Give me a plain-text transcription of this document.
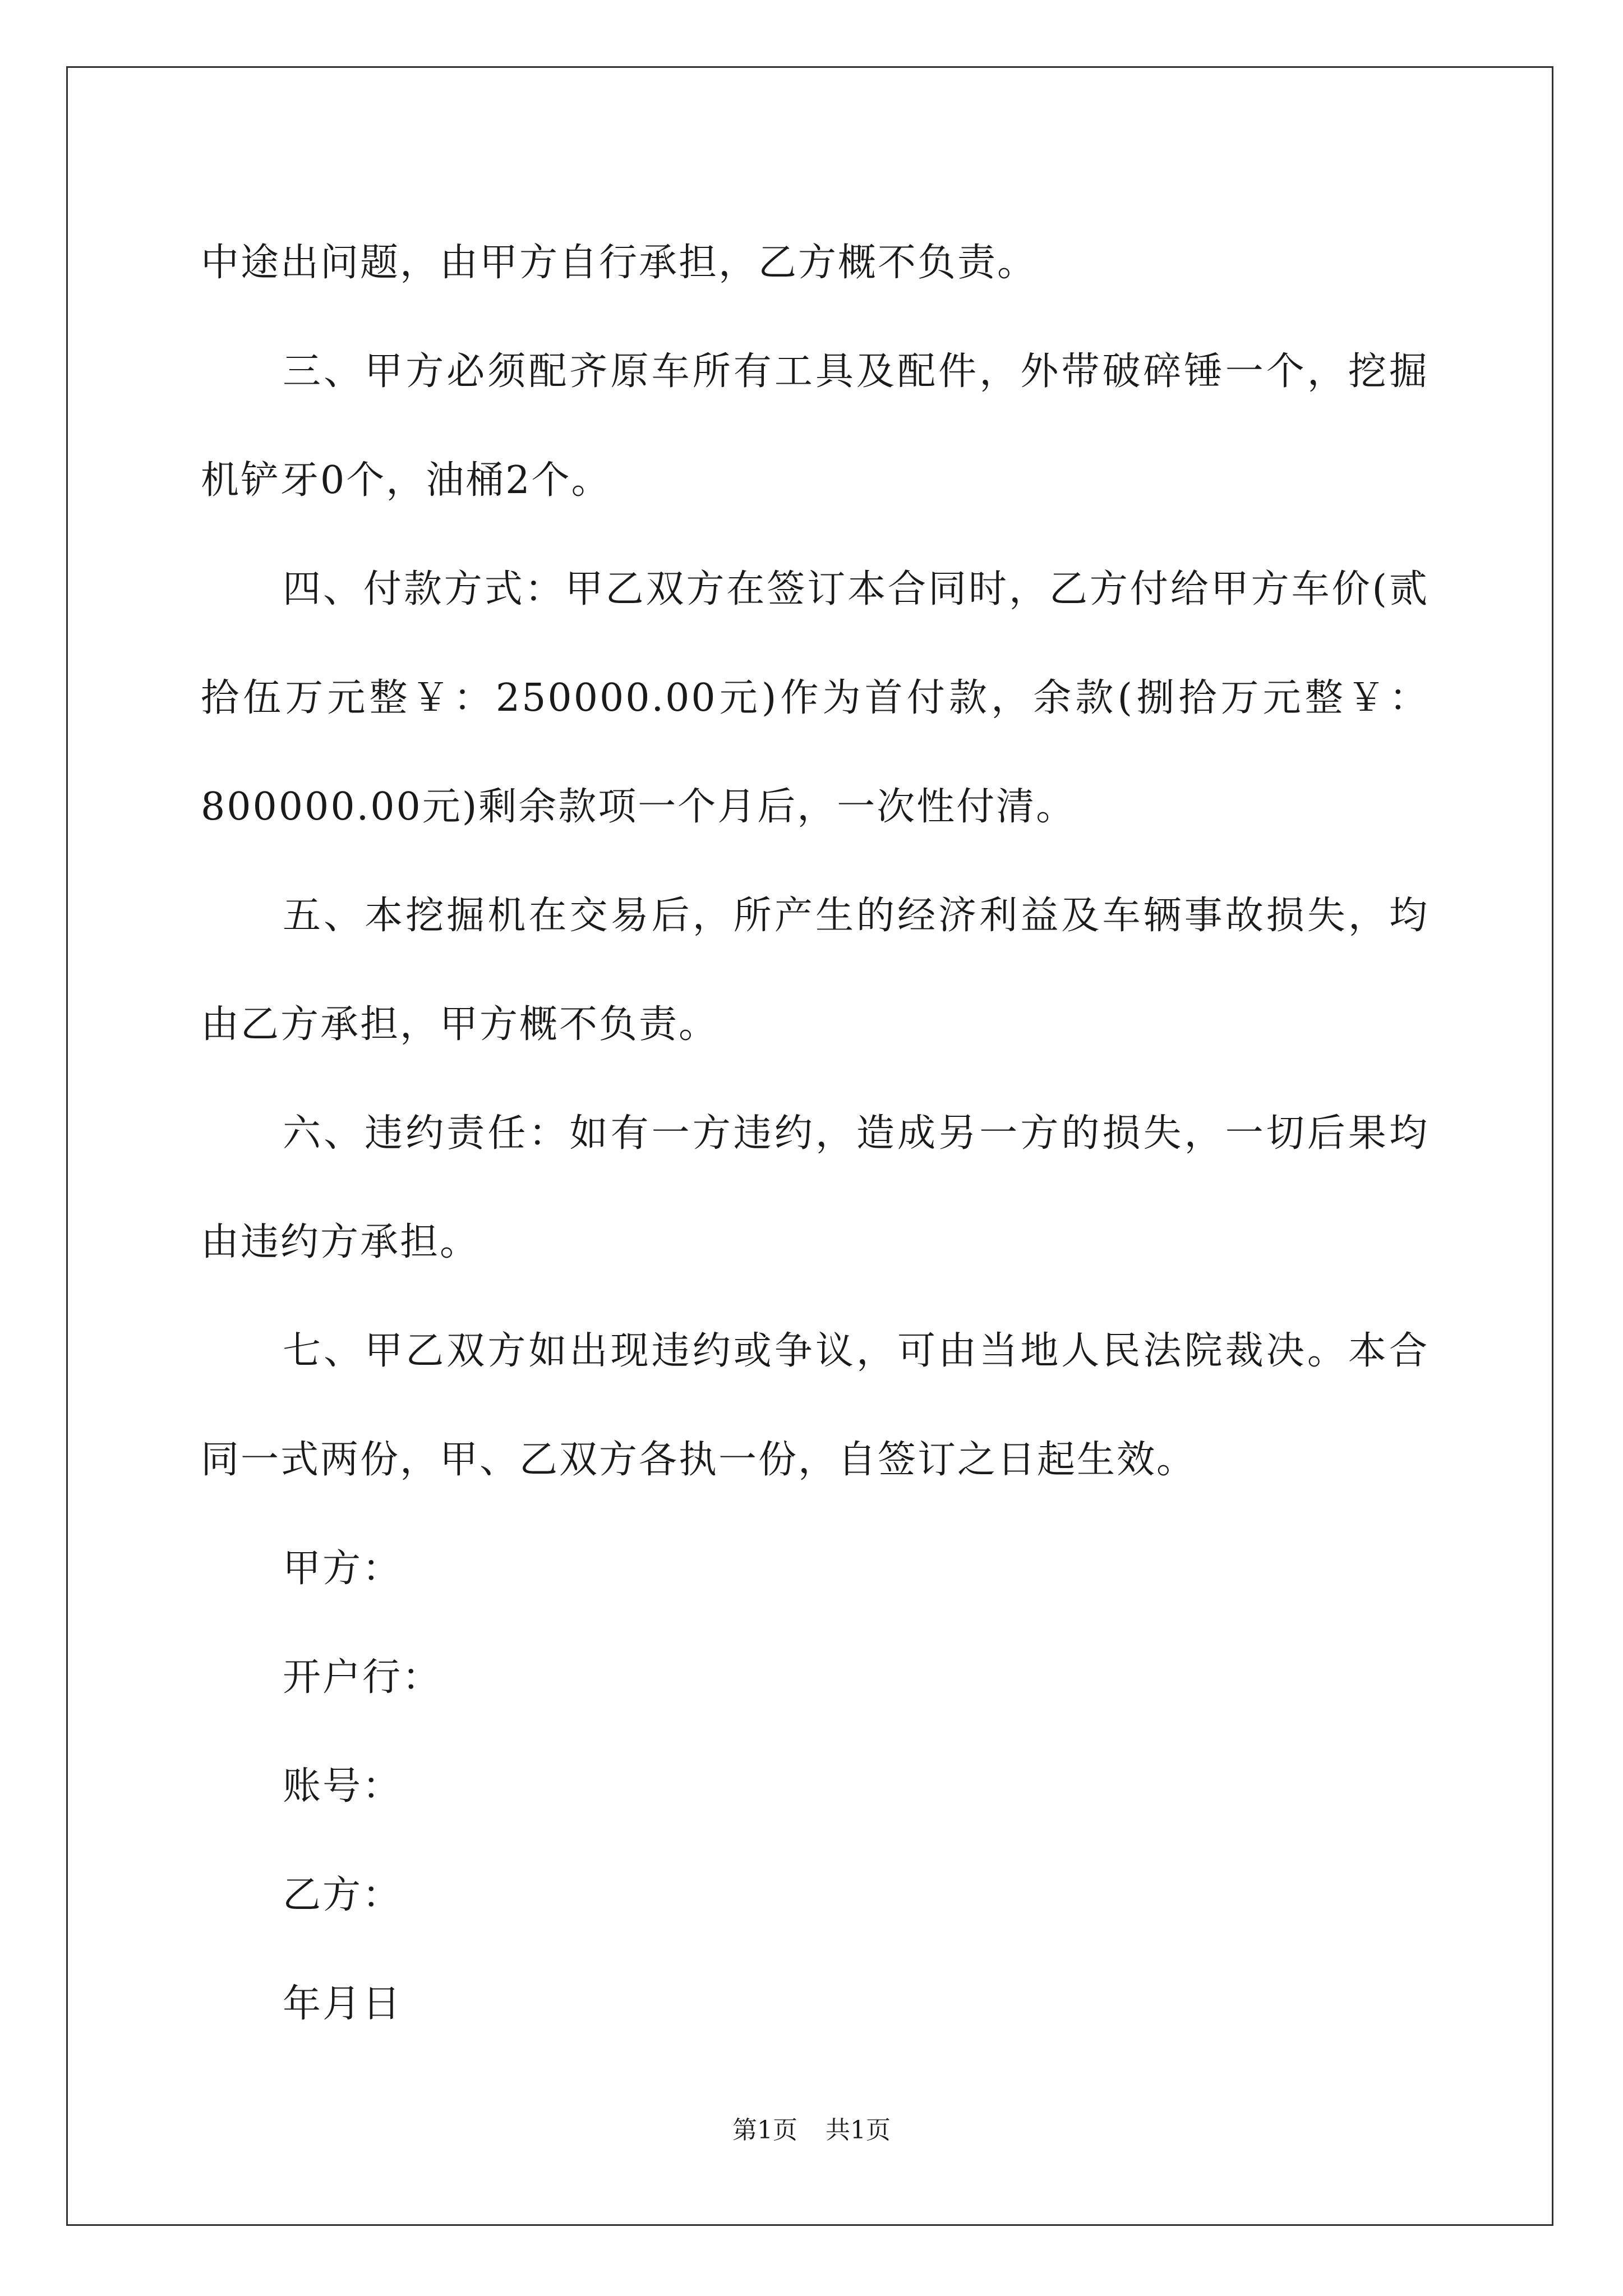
中途出问题，由甲方自行承担，乙方概不负责。

三、甲方必须配齐原车所有工具及配件，外带破碎锤一个，挖掘机铲牙0个，油桶2个。

四、付款方式：甲乙双方在签订本合同时，乙方付给甲方车价(贰拾伍万元整￥：250000.00元)作为首付款，余款(捌拾万元整￥：800000.00元)剩余款项一个月后，一次性付清。

五、本挖掘机在交易后，所产生的经济利益及车辆事故损失，均由乙方承担，甲方概不负责。

六、违约责任：如有一方违约，造成另一方的损失，一切后果均由违约方承担。

七、甲乙双方如出现违约或争议，可由当地人民法院裁决。本合同一式两份，甲、乙双方各执一份，自签订之日起生效。

甲方：

开户行：

账号：

乙方：

年月日

第1页 共1页
